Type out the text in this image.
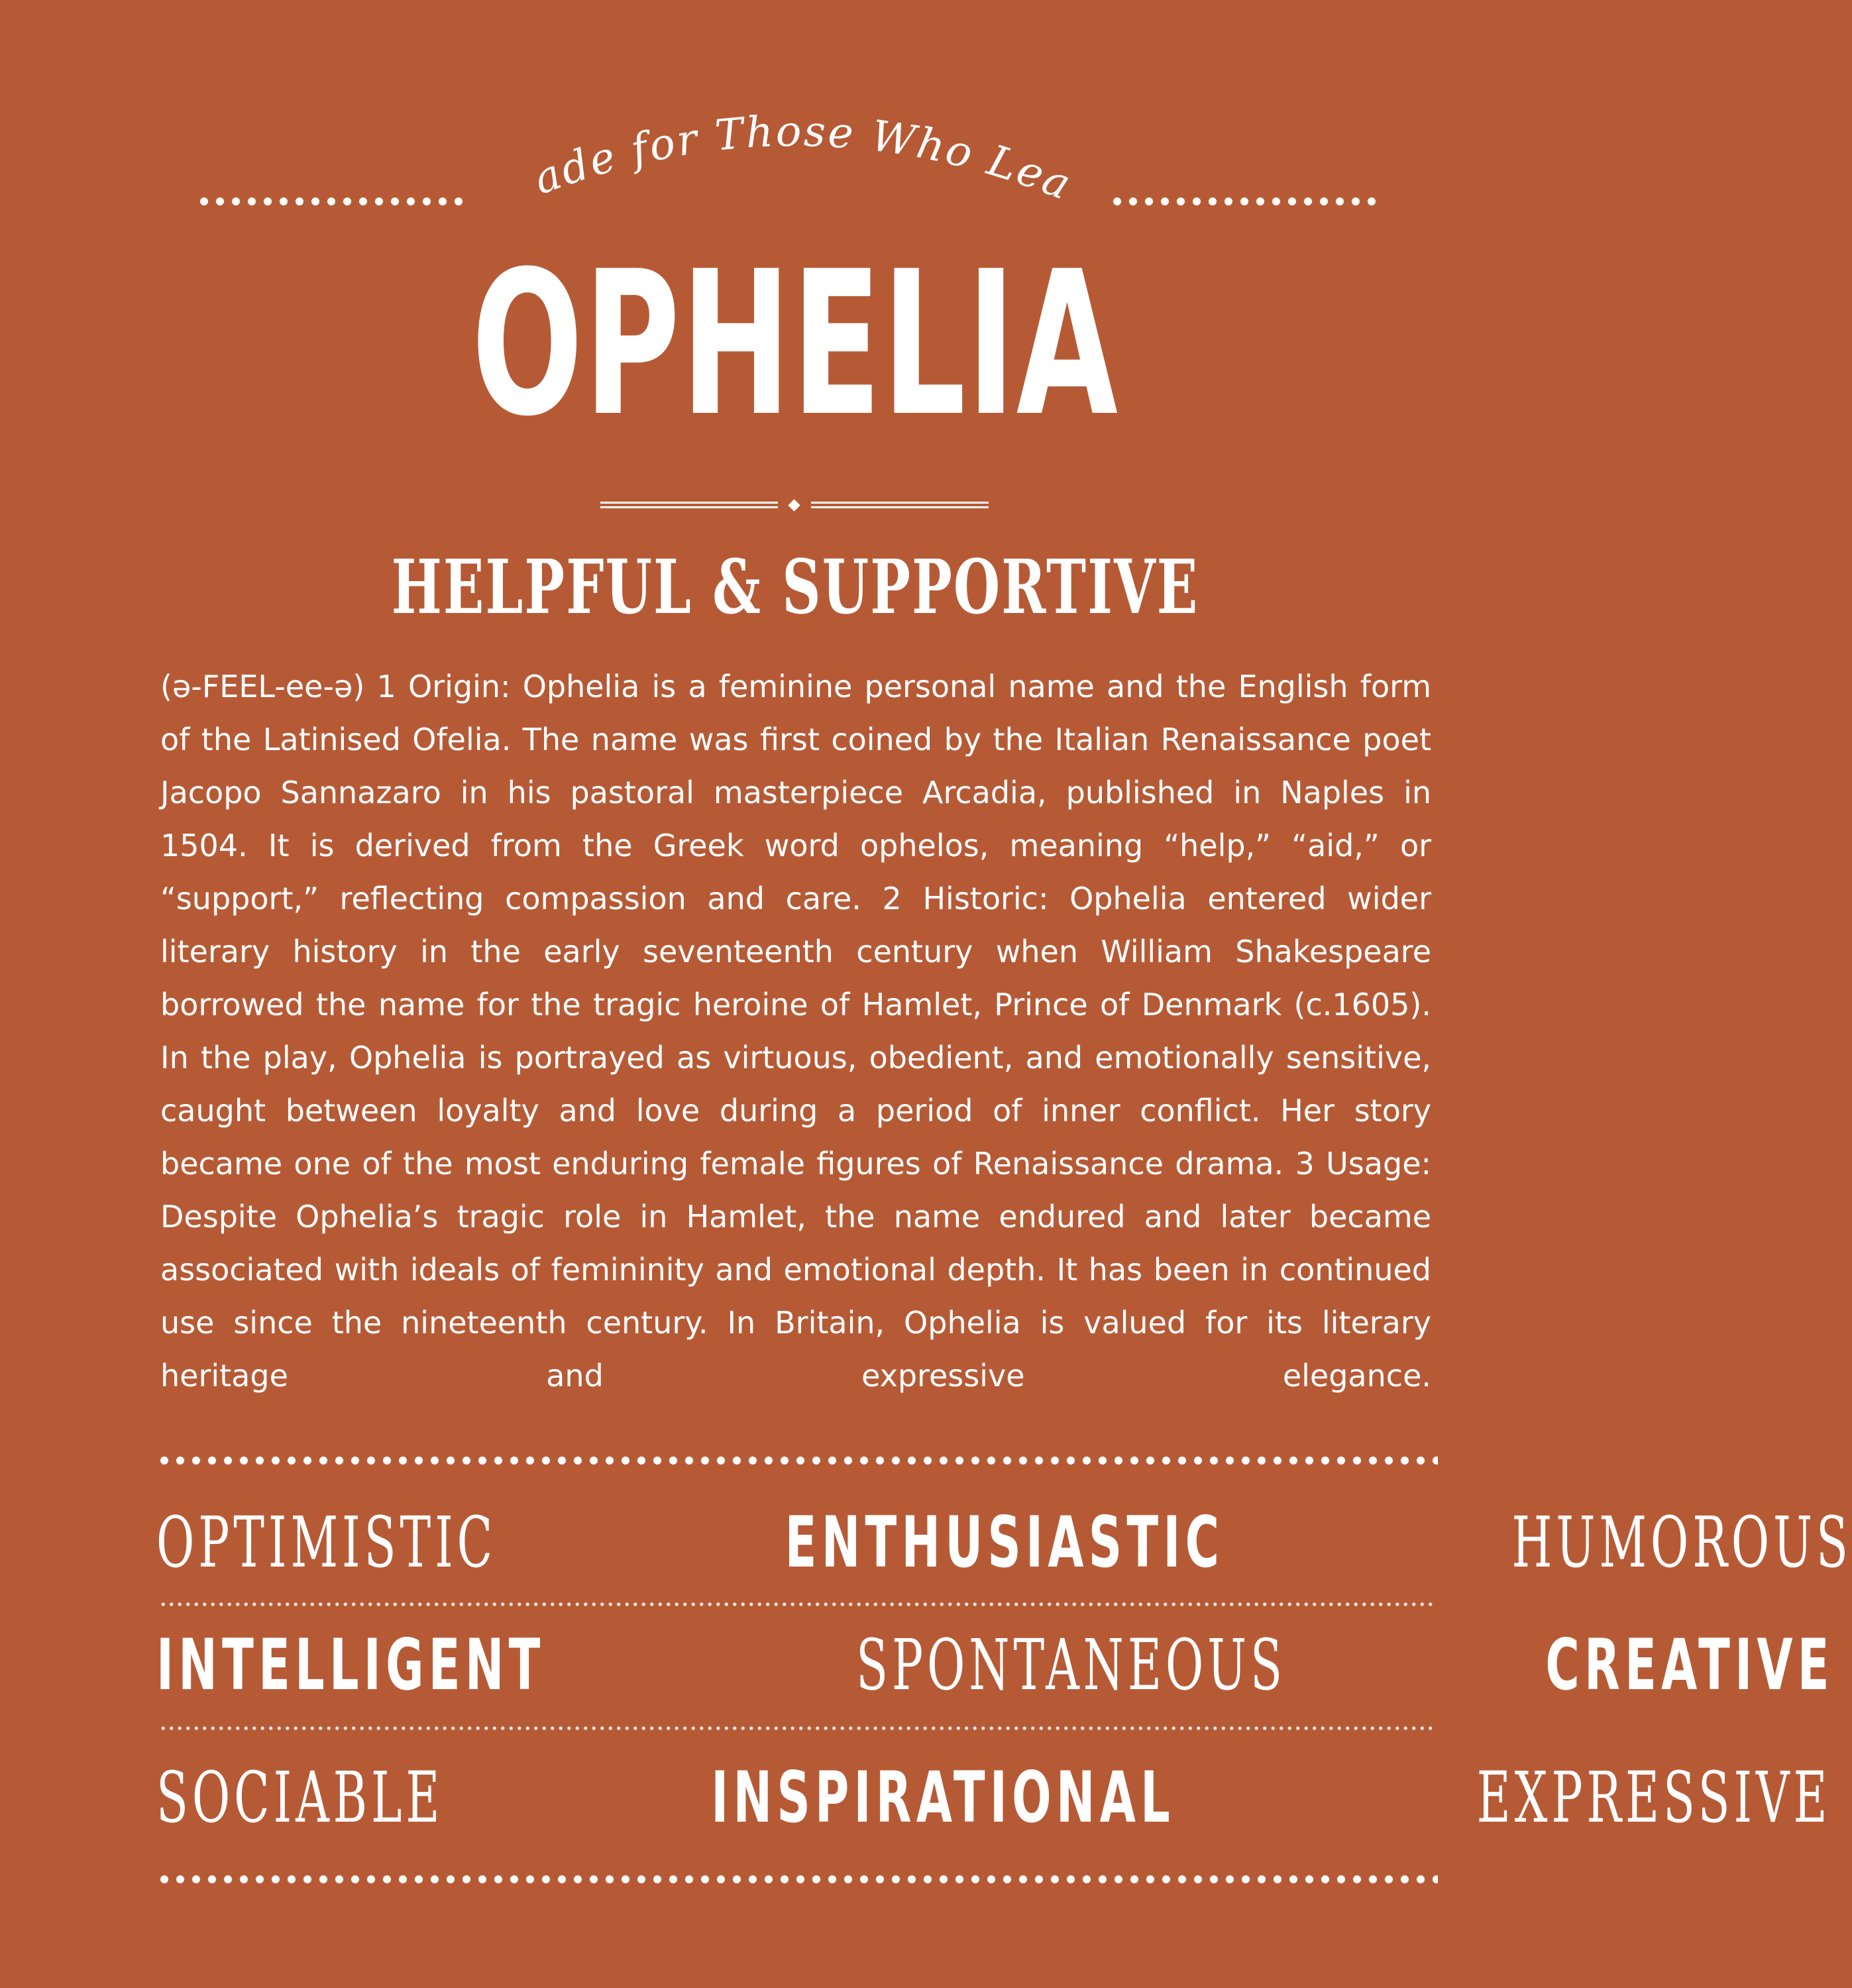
Made for Those Who Lead
OPHELIA
HELPFUL & SUPPORTIVE
(ə-FEEL-ee-ə) 1 Origin: Ophelia is a feminine personal name and the English form of the Latinised Ofelia. The name was first coined by the Italian Renaissance poet Jacopo Sannazaro in his pastoral masterpiece Arcadia, published in Naples in 1504. It is derived from the Greek word ophelos, meaning “help,” “aid,” or “support,” reflecting compassion and care. 2 Historic: Ophelia entered wider literary history in the early seventeenth century when William Shakespeare borrowed the name for the tragic heroine of Hamlet, Prince of Denmark (c.1605). In the play, Ophelia is portrayed as virtuous, obedient, and emotionally sensitive, caught between loyalty and love during a period of inner conflict. Her story became one of the most enduring female figures of Renaissance drama. 3 Usage: Despite Ophelia’s tragic role in Hamlet, the name endured and later became associated with ideals of femininity and emotional depth. It has been in continued use since the nineteenth century. In Britain, Ophelia is valued for its literary heritage and expressive elegance.
OPTIMISTIC	ENTHUSIASTIC	HUMOROUS
INTELLIGENT	SPONTANEOUS	CREATIVE
SOCIABLE	INSPIRATIONAL	EXPRESSIVE
